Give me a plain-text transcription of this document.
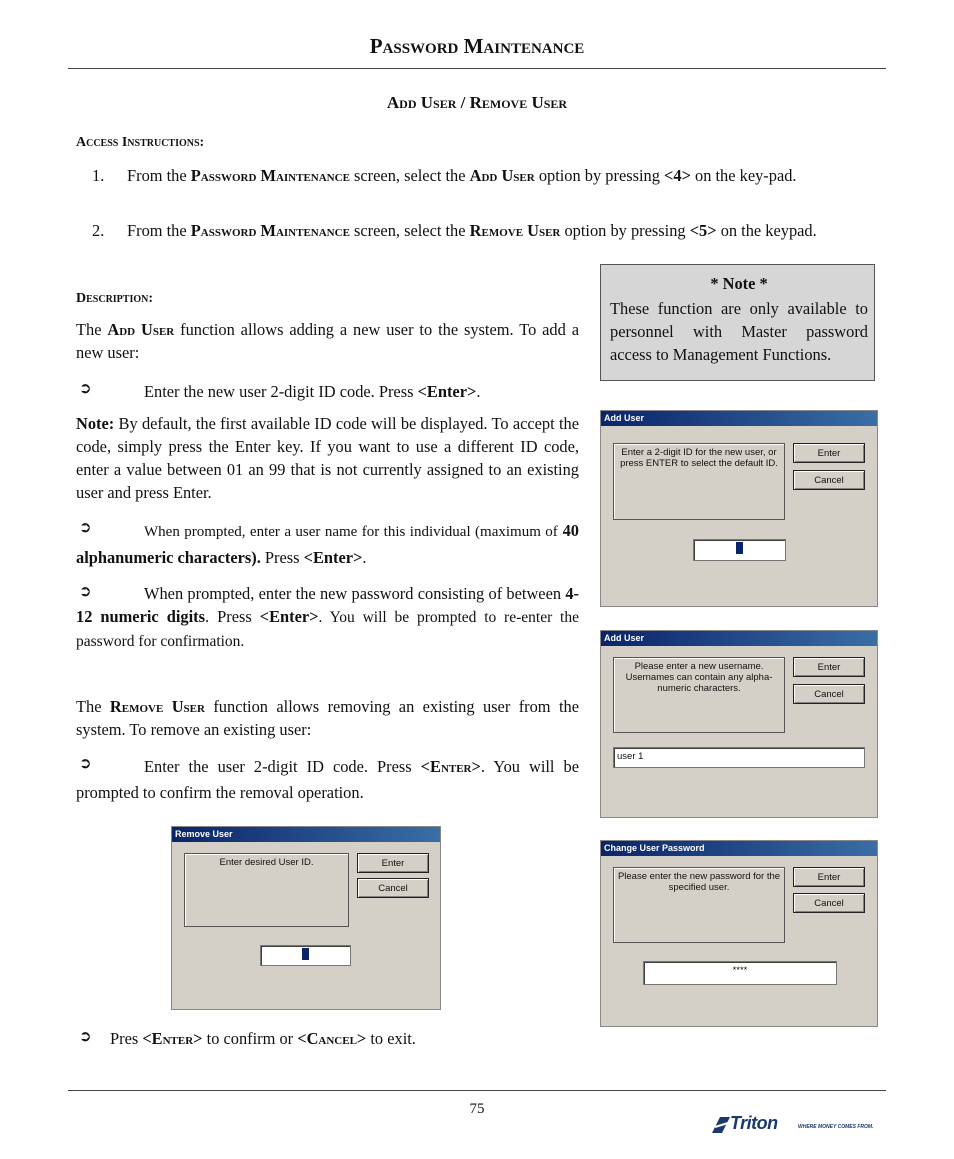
Password Maintenance
Add User / Remove User
Access Instructions:
1. From the Password Maintenance screen, select the Add User option by pressing <4> on the key-pad.
2. From the Password Maintenance screen, select the Remove User option by pressing <5> on the keypad.
* Note *
These function are only available to personnel with Master password access to Management Functions.
Description:
The Add User function allows adding a new user to the system. To add a new user:
➲	Enter the new user 2-digit ID code. Press <Enter>.
Note: By default, the first available ID code will be displayed. To accept the code, simply press the Enter key. If you want to use a different ID code, enter a value between 01 an 99 that is not currently assigned to an existing user and press Enter.
➲	When prompted, enter a user name for this individual (maximum of 40 alphanumeric characters). Press <Enter>.
➲	When prompted, enter the new password consisting of between 4-12 numeric digits. Press <Enter>. You will be prompted to re-enter the password for confirmation.
The Remove User function allows removing an existing user from the system. To remove an existing user:
➲	Enter the user 2-digit ID code. Press <Enter>. You will be prompted to confirm the removal operation.
➲ Pres <Enter> to confirm or <Cancel> to exit.
Add User
Enter a 2-digit ID for the new user, or press ENTER to select the default ID.
Enter
Cancel
Add User
Please enter a new username. Usernames can contain any alpha-numeric characters.
Enter
Cancel
user 1
Change User Password
Please enter the new password for the specified user.
Enter
Cancel
****
Remove User
Enter desired User ID.	Enter
Cancel
75
Triton	WHERE MONEY COMES FROM.
